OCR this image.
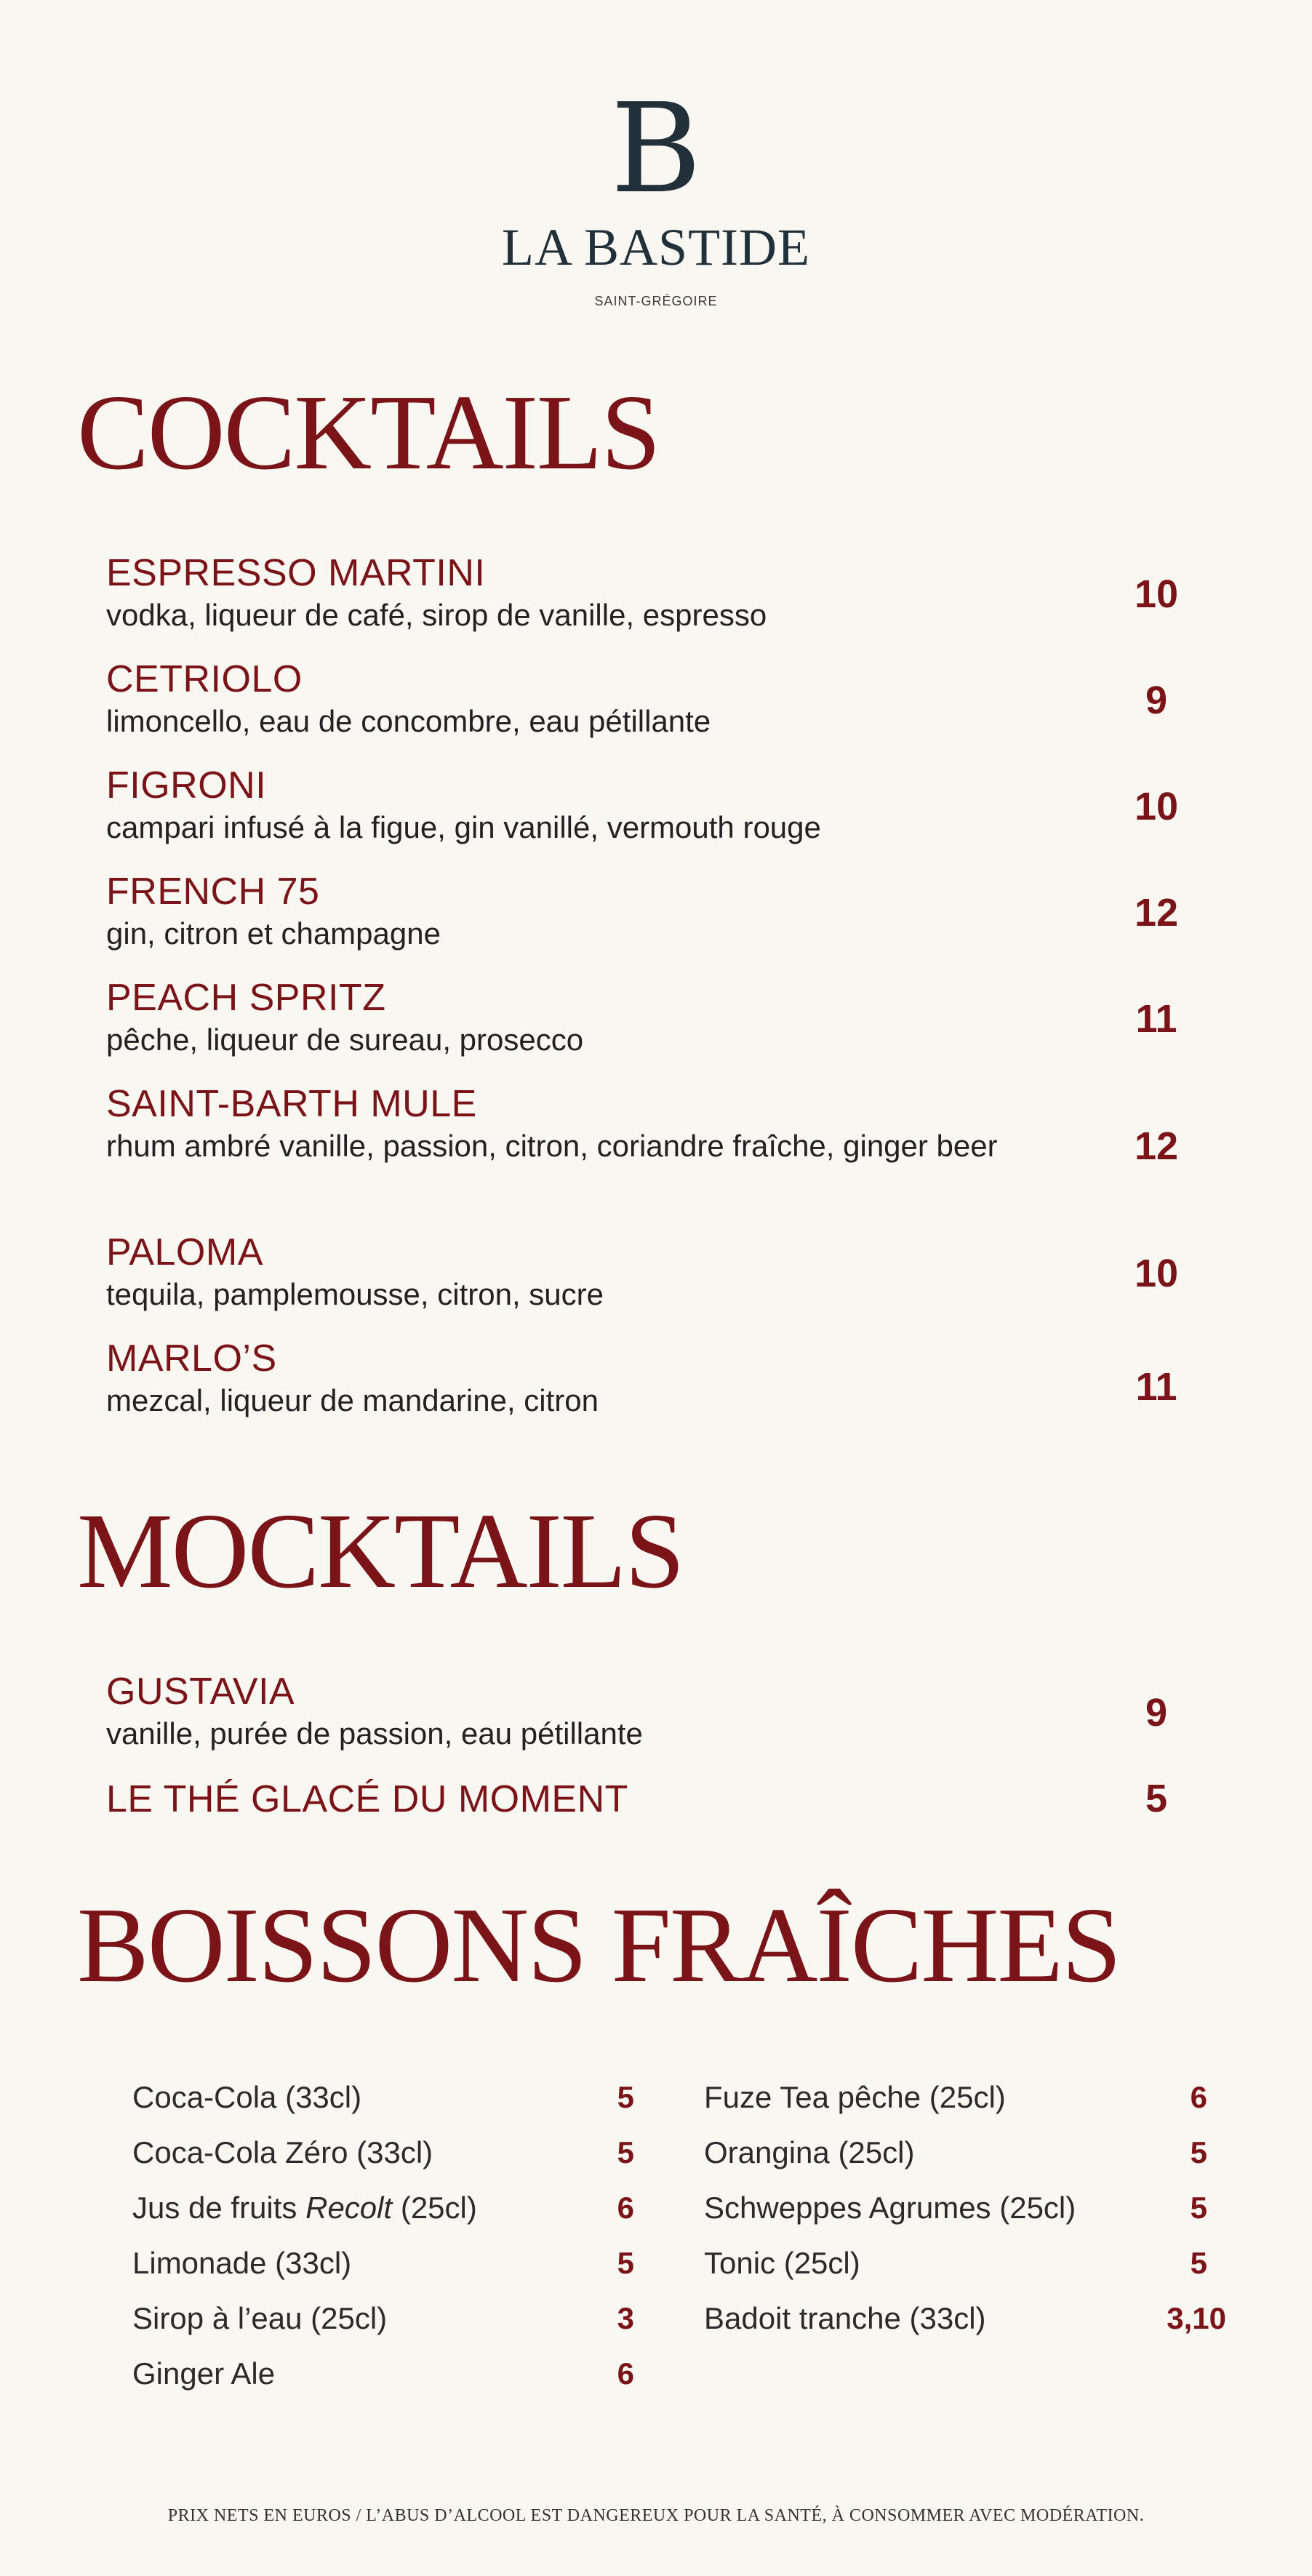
B
LA BASTIDE
SAINT-GRÉGOIRE
COCKTAILS
ESPRESSO MARTINI
vodka, liqueur de café, sirop de vanille, espresso	10
CETRIOLO
limoncello, eau de concombre, eau pétillante	9
FIGRONI
campari infusé à la figue, gin vanillé, vermouth rouge	10
FRENCH 75
gin, citron et champagne	12
PEACH SPRITZ
pêche, liqueur de sureau, prosecco	11
SAINT-BARTH MULE
rhum ambré vanille, passion, citron, coriandre fraîche, ginger beer	12
PALOMA
tequila, pamplemousse, citron, sucre	10
MARLO’S
mezcal, liqueur de mandarine, citron	11
MOCKTAILS
GUSTAVIA
vanille, purée de passion, eau pétillante	9
LE THÉ GLACÉ DU MOMENT	5
BOISSONS FRAÎCHES
Coca-Cola (33cl)	5
Coca-Cola Zéro (33cl)	5
Jus de fruits Recolt (25cl)	6
Limonade (33cl)	5
Sirop à l’eau (25cl)	3
Ginger Ale	6
Fuze Tea pêche (25cl)	6
Orangina (25cl)	5
Schweppes Agrumes (25cl)	5
Tonic (25cl)	5
Badoit tranche (33cl)	3,10
PRIX NETS EN EUROS / L’ABUS D’ALCOOL EST DANGEREUX POUR LA SANTÉ, À CONSOMMER AVEC MODÉRATION.
